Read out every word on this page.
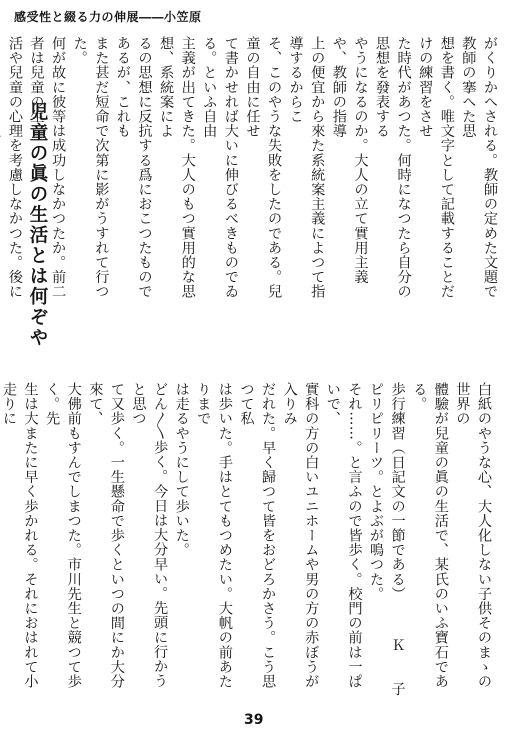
感受性と綴る力の伸展――小笠原
がくりかへされる。教師の定めた文題で教師の搴へた思
想を書く。唯文字として記載することだけの練習をさせ
た時代があつた。何時になつたら自分の思想を發表する
やうになるのか。大人の立て實用主義や、教師の指導
上の便宜から來た系統案主義によつて指導するからこ
そ、このやうな失敗をしたのである。兒童の自由に任せ
て書かせれば大いに伸びるべきものでゐる。といふ自由
主義が出てきた。大人のもつ實用的な思想、系統案によ
るの思想に反抗する爲におこつたものであるが、これも
また甚だ短命で次第に影がうすれて行つた。
何が故に彼等は成功しなかつたか。前二者は兒童の生
活や兒童の心理を考慮しなかつた。後に 児童の眞の生活とは何ぞや
白紙のやうな心、大人化しない子供そのまゝの世界の
體驗が兒童の眞の生活で、某氏のいふ寶石である。
歩行練習（日記文の一節である）　　　Ｋ　　子
ピリピリーツ。とよぶが鳴つた。
それ……。と言ふので皆歩く。校門の前は一ぱいで、
實科の方の白いユニホームや男の方の赤ぼうが入りみ
だれた。早く歸つて皆をおどろかさう。こう思つて私
は歩いた。手はとてもつめたい。大帆の前あたりまで
は走るやうにして歩いた。
どん〳〵歩く。今日は大分早い。先頭に行かうと思つ
て又歩く。一生懸命で歩くといつの間にか大分來て、
大佛前もすんでしまつた。市川先生と競つて歩く。先
生は大またに早く歩かれる。それにおはれて小走りに

39
